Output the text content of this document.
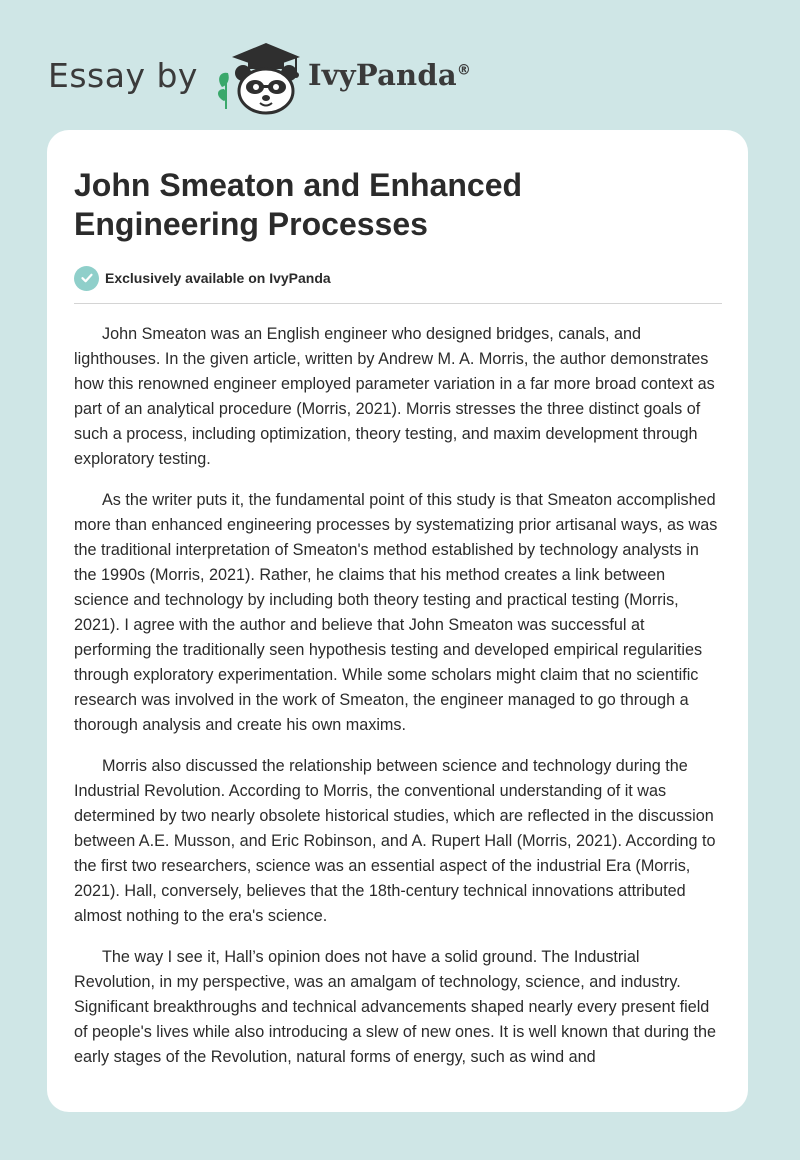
Essay by	IvyPanda®
John Smeaton and Enhanced Engineering Processes
Exclusively available on IvyPanda

John Smeaton was an English engineer who designed bridges, canals, and lighthouses. In the given article, written by Andrew M. A. Morris, the author demonstrates how this renowned engineer employed parameter variation in a far more broad context as part of an analytical procedure (Morris, 2021). Morris stresses the three distinct goals of such a process, including optimization, theory testing, and maxim development through exploratory testing.

As the writer puts it, the fundamental point of this study is that Smeaton accomplished more than enhanced engineering processes by systematizing prior artisanal ways, as was the traditional interpretation of Smeaton's method established by technology analysts in the 1990s (Morris, 2021). Rather, he claims that his method creates a link between science and technology by including both theory testing and practical testing (Morris, 2021). I agree with the author and believe that John Smeaton was successful at performing the traditionally seen hypothesis testing and developed empirical regularities through exploratory experimentation. While some scholars might claim that no scientific research was involved in the work of Smeaton, the engineer managed to go through a thorough analysis and create his own maxims.

Morris also discussed the relationship between science and technology during the Industrial Revolution. According to Morris, the conventional understanding of it was determined by two nearly obsolete historical studies, which are reflected in the discussion between A.E. Musson, and Eric Robinson, and A. Rupert Hall (Morris, 2021). According to the first two researchers, science was an essential aspect of the industrial Era (Morris, 2021). Hall, conversely, believes that the 18th-century technical innovations attributed almost nothing to the era's science.

The way I see it, Hall’s opinion does not have a solid ground. The Industrial Revolution, in my perspective, was an amalgam of technology, science, and industry. Significant breakthroughs and technical advancements shaped nearly every present field of people's lives while also introducing a slew of new ones. It is well known that during the early stages of the Revolution, natural forms of energy, such as wind and
